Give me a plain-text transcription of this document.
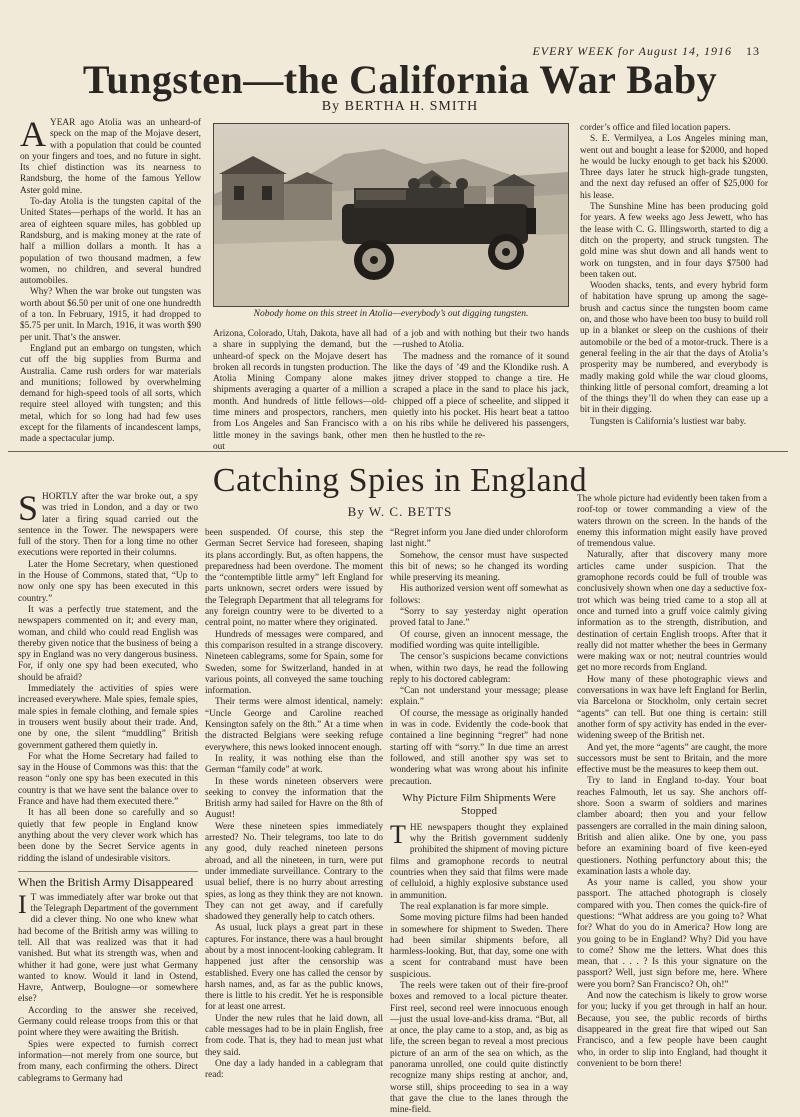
EVERY WEEK for August 14, 1916 13
Tungsten—the California War Baby
By BERTHA H. SMITH

AYEAR ago Atolia was an unheard-of speck on the map of the Mojave desert, with a population that could be counted on your fingers and toes, and no future in sight. Its chief distinction was its nearness to Randsburg, the home of the famous Yellow Aster gold mine.

To-day Atolia is the tungsten capital of the United States—perhaps of the world. It has an area of eighteen square miles, has gobbled up Randsburg, and is making money at the rate of half a million dollars a month. It has a population of two thousand madmen, a few women, no children, and several hundred automobiles.

Why? When the war broke out tungsten was worth about $6.50 per unit of one one hundredth of a ton. In February, 1915, it had dropped to $5.75 per unit. In March, 1916, it was worth $90 per unit. That’s the answer.

England put an embargo on tungsten, which cut off the big supplies from Burma and Australia. Came rush orders for war materials and munitions; followed by overwhelming demand for high-speed tools of all sorts, which require steel alloyed with tungsten; and this metal, which for so long had had few uses except for the filaments of incandescent lamps, made a spectacular jump.

Nobody home on this street in Atolia—everybody’s out digging tungsten.

Arizona, Colorado, Utah, Dakota, have all had a share in supplying the demand, but the unheard-of speck on the Mojave desert has broken all records in tungsten production. The Atolia Mining Company alone makes shipments averaging a quarter of a million a month. And hundreds of little fellows—old-time miners and prospectors, ranchers, men from Los Angeles and San Francisco with a little money in the savings bank, other men out

of a job and with nothing but their two hands—rushed to Atolia.

The madness and the romance of it sound like the days of ’49 and the Klondike rush. A jitney driver stopped to change a tire. He scraped a place in the sand to place his jack, chipped off a piece of scheelite, and slipped it quietly into his pocket. His heart beat a tattoo on his ribs while he delivered his passengers, then he hustled to the re-

corder’s office and filed location papers.

S. E. Vermilyea, a Los Angeles mining man, went out and bought a lease for $2000, and hoped he would be lucky enough to get back his $2000. Three days later he struck high-grade tungsten, and the next day refused an offer of $25,000 for his lease.

The Sunshine Mine has been producing gold for years. A few weeks ago Jess Jewett, who has the lease with C. G. Illingsworth, started to dig a ditch on the property, and struck tungsten. The gold mine was shut down and all hands went to work on tungsten, and in four days $7500 had been taken out.

Wooden shacks, tents, and every hybrid form of habitation have sprung up among the sage-brush and cactus since the tungsten boom came on, and those who have been too busy to build roll up in a blanket or sleep on the cushions of their automobile or the bed of a motor-truck. There is a general feeling in the air that the days of Atolia’s prosperity may be numbered, and everybody is madly making gold while the war cloud glooms, thinking little of personal comfort, dreaming a lot of the things they’ll do when they can ease up a bit in their digging.

Tungsten is California’s lustiest war baby.

Catching Spies in England
By W. C. BETTS

SHORTLY after the war broke out, a spy was tried in London, and a day or two later a firing squad carried out the sentence in the Tower. The newspapers were full of the story. Then for a long time no other executions were reported in their columns.

Later the Home Secretary, when questioned in the House of Commons, stated that, “Up to now only one spy has been executed in this country.”

It was a perfectly true statement, and the newspapers commented on it; and every man, woman, and child who could read English was thereby given notice that the business of being a spy in England was no very dangerous business. For, if only one spy had been executed, who should be afraid?

Immediately the activities of spies were increased everywhere. Male spies, female spies, male spies in female clothing, and female spies in trousers went busily about their trade. And, one by one, the silent “muddling” British government gathered them quietly in.

For what the Home Secretary had failed to say in the House of Commons was this: that the reason “only one spy has been executed in this country is that we have sent the balance over to France and have had them executed there.”

It has all been done so carefully and so quietly that few people in England know anything about the very clever work which has been done by the Secret Service agents in ridding the island of undesirable visitors.

When the British Army Disappeared

I T was immediately after war broke out that the Telegraph Department of the government did a clever thing. No one who knew what had become of the British army was willing to tell. All that was realized was that it had vanished. But what its strength was, when and whither it had gone, were just what Germany wanted to know. Would it land in Ostend, Havre, Antwerp, Boulogne—or somewhere else?

According to the answer she received, Germany could release troops from this or that point where they were awaiting the British.

Spies were expected to furnish correct information—not merely from one source, but from many, each confirming the others. Direct cablegrams to Germany had

been suspended. Of course, this step the German Secret Service had foreseen, shaping its plans accordingly. But, as often happens, the preparedness had been overdone. The moment the “contemptible little army” left England for parts unknown, secret orders were issued by the Telegraph Department that all telegrams for any foreign country were to be diverted to a central point, no matter where they originated.

Hundreds of messages were compared, and this comparison resulted in a strange discovery. Nineteen cablegrams, some for Spain, some for Sweden, some for Switzerland, handed in at various points, all conveyed the same touching information.

Their terms were almost identical, namely: “Uncle George and Caroline reached Kensington safely on the 8th.” At a time when the distracted Belgians were seeking refuge everywhere, this news looked innocent enough.

In reality, it was nothing else than the German “family code” at work.

In these words nineteen observers were seeking to convey the information that the British army had sailed for Havre on the 8th of August!

Were these nineteen spies immediately arrested? No. Their telegrams, too late to do any good, duly reached nineteen persons abroad, and all the nineteen, in turn, were put under immediate surveillance. Contrary to the usual belief, there is no hurry about arresting spies, as long as they think they are not known. They can not get away, and if carefully shadowed they generally help to catch others.

As usual, luck plays a great part in these captures. For instance, there was a haul brought about by a most innocent-looking cablegram. It happened just after the censorship was established. Every one has called the censor by harsh names, and, as far as the public knows, there is little to his credit. Yet he is responsible for at least one arrest.

Under the new rules that he laid down, all cable messages had to be in plain English, free from code. That is, they had to mean just what they said.

One day a lady handed in a cablegram that read:

“Regret inform you Jane died under chloroform last night.”

Somehow, the censor must have suspected this bit of news; so he changed its wording while preserving its meaning.

His authorized version went off somewhat as follows:

“Sorry to say yesterday night operation proved fatal to Jane.”

Of course, given an innocent message, the modified wording was quite intelligible.

The censor’s suspicions became convictions when, within two days, he read the following reply to his doctored cablegram:

“Can not understand your message; please explain.”

Of course, the message as originally handed in was in code. Evidently the code-book that contained a line beginning “regret” had none starting off with “sorry.” In due time an arrest followed, and still another spy was set to wondering what was wrong about his infinite precaution.

Why Picture Film Shipments Were Stopped

THE newspapers thought they explained why the British government suddenly prohibited the shipment of moving picture films and gramophone records to neutral countries when they said that films were made of celluloid, a highly explosive substance used in ammunition.

The real explanation is far more simple.

Some moving picture films had been handed in somewhere for shipment to Sweden. There had been similar shipments before, all harmless-looking. But, that day, some one with a scent for contraband must have been suspicious.

The reels were taken out of their fire-proof boxes and removed to a local picture theater. First reel, second reel were innocuous enough—just the usual love-and-kiss drama. “But, all at once, the play came to a stop, and, as big as life, the screen began to reveal a most precious picture of an arm of the sea on which, as the panorama unrolled, one could quite distinctly recognize many ships resting at anchor, and, worse still, ships proceeding to sea in a way that gave the clue to the lanes through the mine-field.

The whole picture had evidently been taken from a roof-top or tower commanding a view of the waters thrown on the screen. In the hands of the enemy this information might easily have proved of tremendous value.

Naturally, after that discovery many more articles came under suspicion. That the gramophone records could be full of trouble was conclusively shown when one day a seductive fox-trot which was being tried came to a stop all at once and turned into a gruff voice calmly giving information as to the strength, distribution, and destination of certain English troops. After that it really did not matter whether the bees in Germany were making wax or not; neutral countries would get no more records from England.

How many of these photographic views and conversations in wax have left England for Berlin, via Barcelona or Stockholm, only certain secret “agents” can tell. But one thing is certain: still another form of spy activity has ended in the ever-widening sweep of the British net.

And yet, the more “agents” are caught, the more successors must be sent to Britain, and the more effective must be the measures to keep them out.

Try to land in England to-day. Your boat reaches Falmouth, let us say. She anchors off-shore. Soon a swarm of soldiers and marines clamber aboard; then you and your fellow passengers are corralled in the main dining saloon, British and alien alike. One by one, you pass before an examining board of five keen-eyed questioners. Nothing perfunctory about this; the examination lasts a whole day.

As your name is called, you show your passport. The attached photograph is closely compared with you. Then comes the quick-fire of questions: “What address are you going to? What for? What do you do in America? How long are you going to be in England? Why? Did you have to come? Show me the letters. What does this mean, that . . . ? Is this your signature on the passport? Well, just sign before me, here. Where were you born? San Francisco? Oh, oh!”

And now the catechism is likely to grow worse for you; lucky if you get through in half an hour. Because, you see, the public records of births disappeared in the great fire that wiped out San Francisco, and a few people have been caught who, in order to slip into England, had thought it convenient to be born there!
